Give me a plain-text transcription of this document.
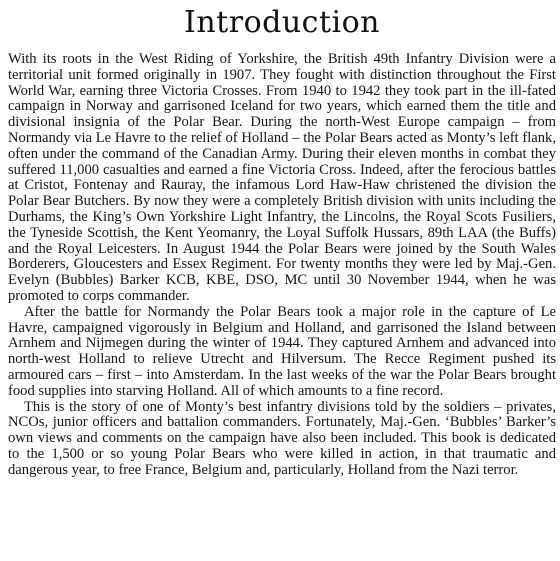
Introduction

With its roots in the West Riding of Yorkshire, the British 49th Infantry Division were a territorial unit formed originally in 1907. They fought with distinction throughout the First World War, earning three Victoria Crosses. From 1940 to 1942 they took part in the ill-fated campaign in Norway and garrisoned Iceland for two years, which earned them the title and divisional insignia of the Polar Bear. During the north-West Europe campaign – from Normandy via Le Havre to the relief of Holland – the Polar Bears acted as Monty’s left flank, often under the command of the Canadian Army. During their eleven months in combat they suffered 11,000 casualties and earned a fine Victoria Cross. Indeed, after the ferocious battles at Cristot, Fontenay and Rauray, the infamous Lord Haw-Haw christened the division the Polar Bear Butchers. By now they were a completely British division with units including the Durhams, the King’s Own Yorkshire Light Infantry, the Lincolns, the Royal Scots Fusiliers, the Tyneside Scottish, the Kent Yeomanry, the Loyal Suffolk Hussars, 89th LAA (the Buffs) and the Royal Leicesters. In August 1944 the Polar Bears were joined by the South Wales Borderers, Gloucesters and Essex Regiment. For twenty months they were led by Maj.-Gen. Evelyn (Bubbles) Barker KCB, KBE, DSO, MC until 30 November 1944, when he was promoted to corps commander.

After the battle for Normandy the Polar Bears took a major role in the capture of Le Havre, campaigned vigorously in Belgium and Holland, and garrisoned the Island between Arnhem and Nijmegen during the winter of 1944. They captured Arnhem and advanced into north-west Holland to relieve Utrecht and Hilversum. The Recce Regiment pushed its armoured cars – first – into Amsterdam. In the last weeks of the war the Polar Bears brought food supplies into starving Holland. All of which amounts to a fine record.

This is the story of one of Monty’s best infantry divisions told by the soldiers – privates, NCOs, junior officers and battalion commanders. Fortunately, Maj.-Gen. ‘Bubbles’ Barker’s own views and comments on the campaign have also been included. This book is dedicated to the 1,500 or so young Polar Bears who were killed in action, in that traumatic and dangerous year, to free France, Belgium and, particularly, Holland from the Nazi terror.
